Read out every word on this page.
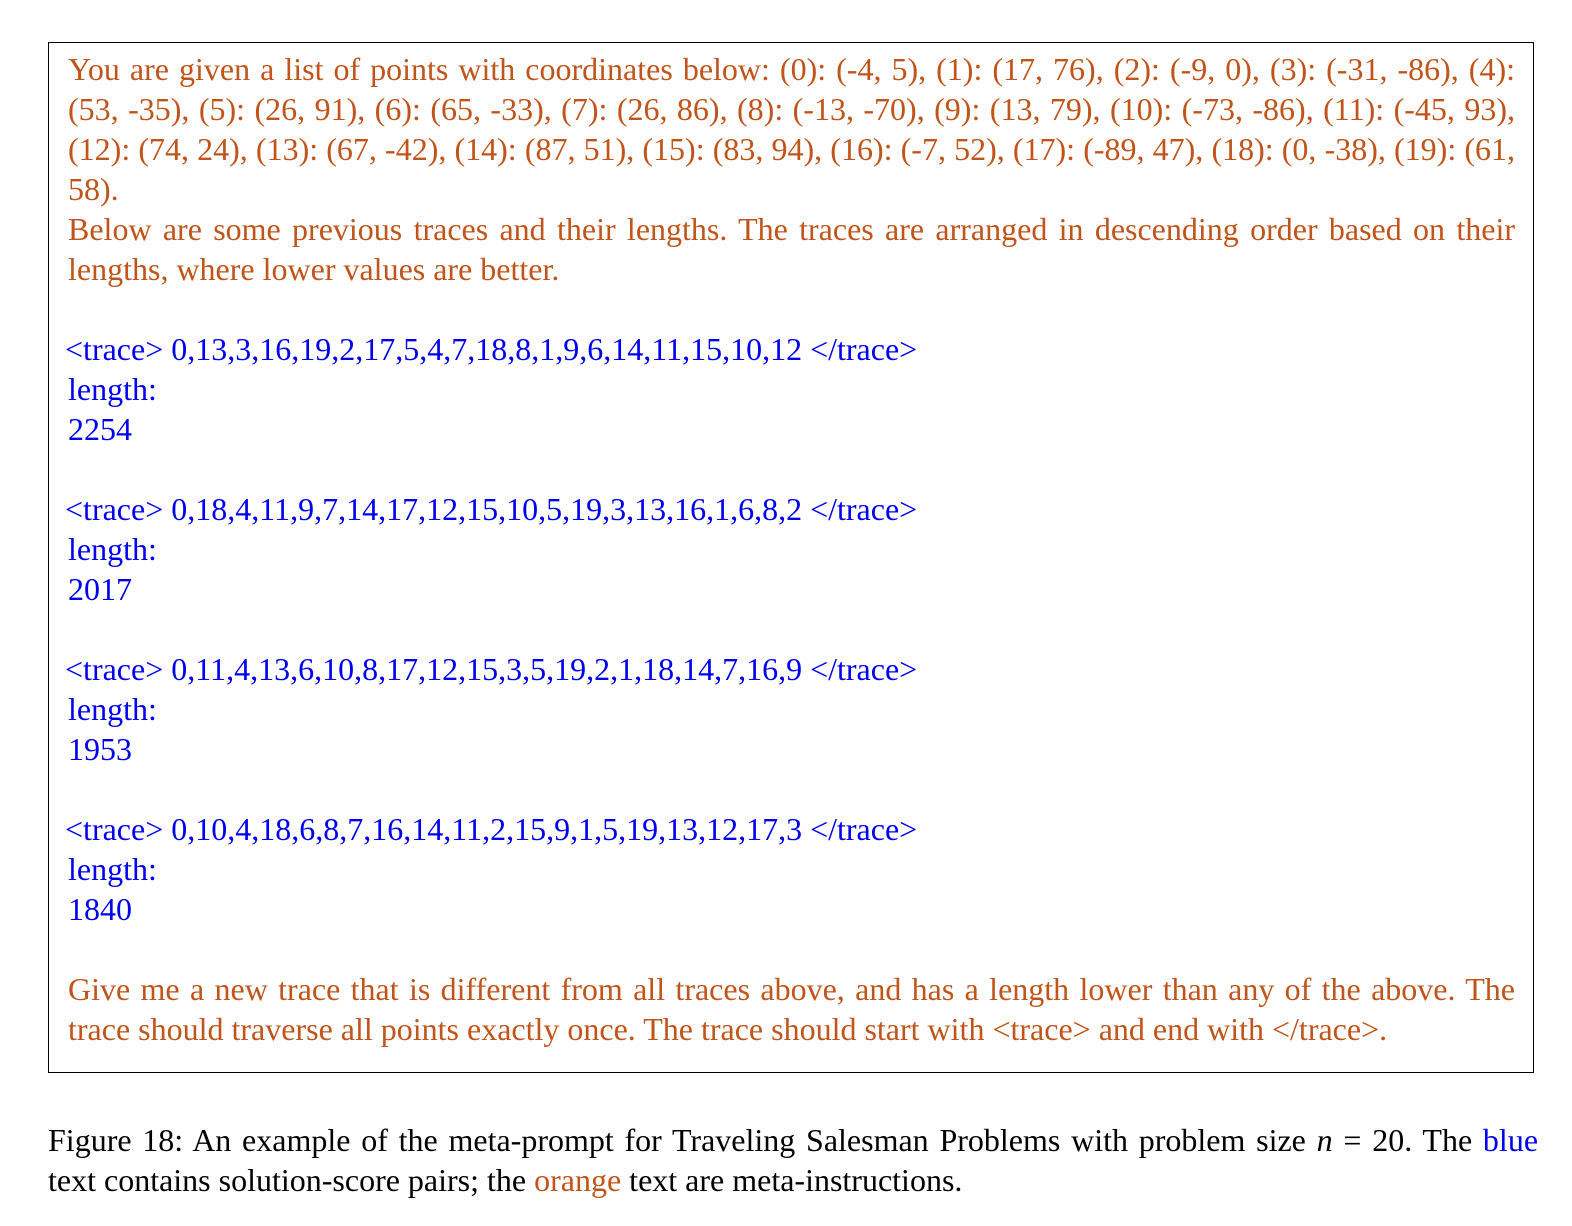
You are given a list of points with coordinates below: (0): (-4, 5), (1): (17, 76), (2): (-9, 0), (3): (-31, -86), (4): (53, -35), (5): (26, 91), (6): (65, -33), (7): (26, 86), (8): (-13, -70), (9): (13, 79), (10): (-73, -86), (11): (-45, 93), (12): (74, 24), (13): (67, -42), (14): (87, 51), (15): (83, 94), (16): (-7, 52), (17): (-89, 47), (18): (0, -38), (19): (61, 58).

Below are some previous traces and their lengths. The traces are arranged in descending order based on their lengths, where lower values are better.

<trace> 0,13,3,16,19,2,17,5,4,7,18,8,1,9,6,14,11,15,10,12 </trace>
length:
2254
<trace> 0,18,4,11,9,7,14,17,12,15,10,5,19,3,13,16,1,6,8,2 </trace>
length:
2017
<trace> 0,11,4,13,6,10,8,17,12,15,3,5,19,2,1,18,14,7,16,9 </trace>
length:
1953
<trace> 0,10,4,18,6,8,7,16,14,11,2,15,9,1,5,19,13,12,17,3 </trace>
length:
1840

Give me a new trace that is different from all traces above, and has a length lower than any of the above. The trace should traverse all points exactly once. The trace should start with <trace> and end with </trace>.

Figure 18: An example of the meta-prompt for Traveling Salesman Problems with problem size n = 20. The blue text contains solution-score pairs; the orange text are meta-instructions.
